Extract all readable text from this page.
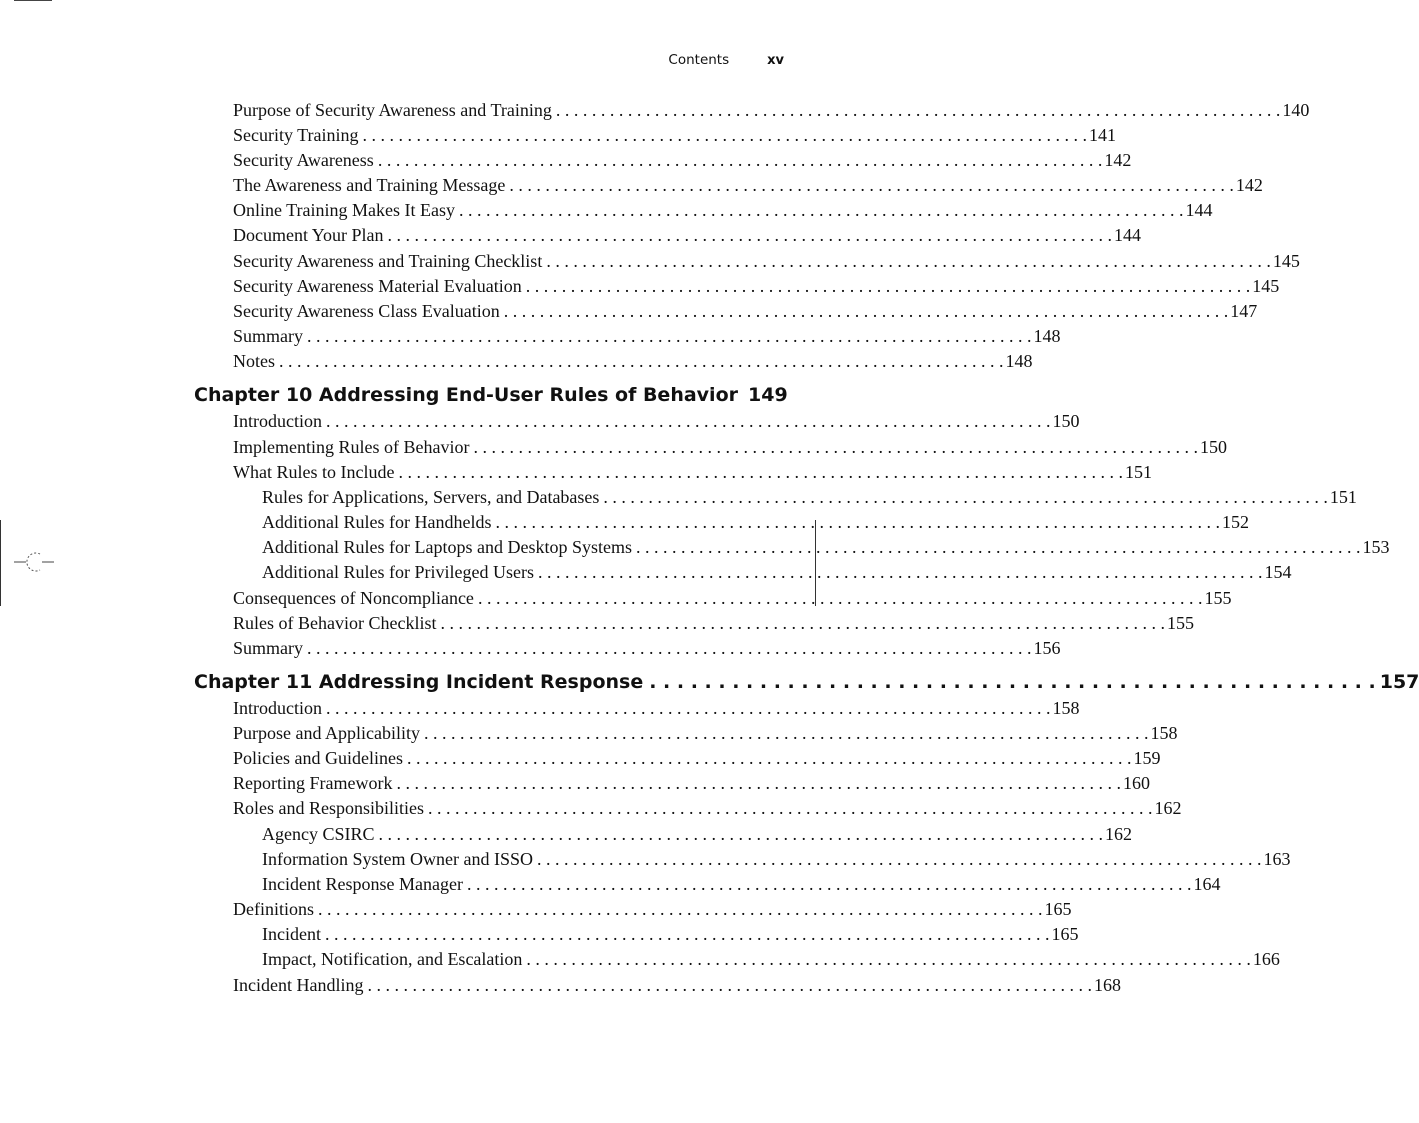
Contents	xv
Purpose of Security Awareness and Training . . .	140
Security Training . . .	141
Security Awareness . . .	142
The Awareness and Training Message . . .	142
Online Training Makes It Easy . . .	144
Document Your Plan . . .	144
Security Awareness and Training Checklist . . .	145
Security Awareness Material Evaluation . . .	145
Security Awareness Class Evaluation . . .	147
Summary . . .	148
Notes . . .	148
Chapter 10 Addressing End-User Rules of Behavior 149
Introduction . . .	150
Implementing Rules of Behavior . . .	150
What Rules to Include . . .	151
Rules for Applications, Servers, and Databases . . .	151
Additional Rules for Handhelds . . .	152
Additional Rules for Laptops and Desktop Systems . . .	153
Additional Rules for Privileged Users . . .	154
Consequences of Noncompliance . . .	155
Rules of Behavior Checklist . . .	155
Summary . . .	156
Chapter 11 Addressing Incident Response . . .	157
Introduction . . .	158
Purpose and Applicability . . .	158
Policies and Guidelines . . .	159
Reporting Framework . . .	160
Roles and Responsibilities . . .	162
Agency CSIRC . . .	162
Information System Owner and ISSO . . .	163
Incident Response Manager . . .	164
Definitions . . .	165
Incident . . .	165
Impact, Notification, and Escalation . . .	166
Incident Handling . . .	168
